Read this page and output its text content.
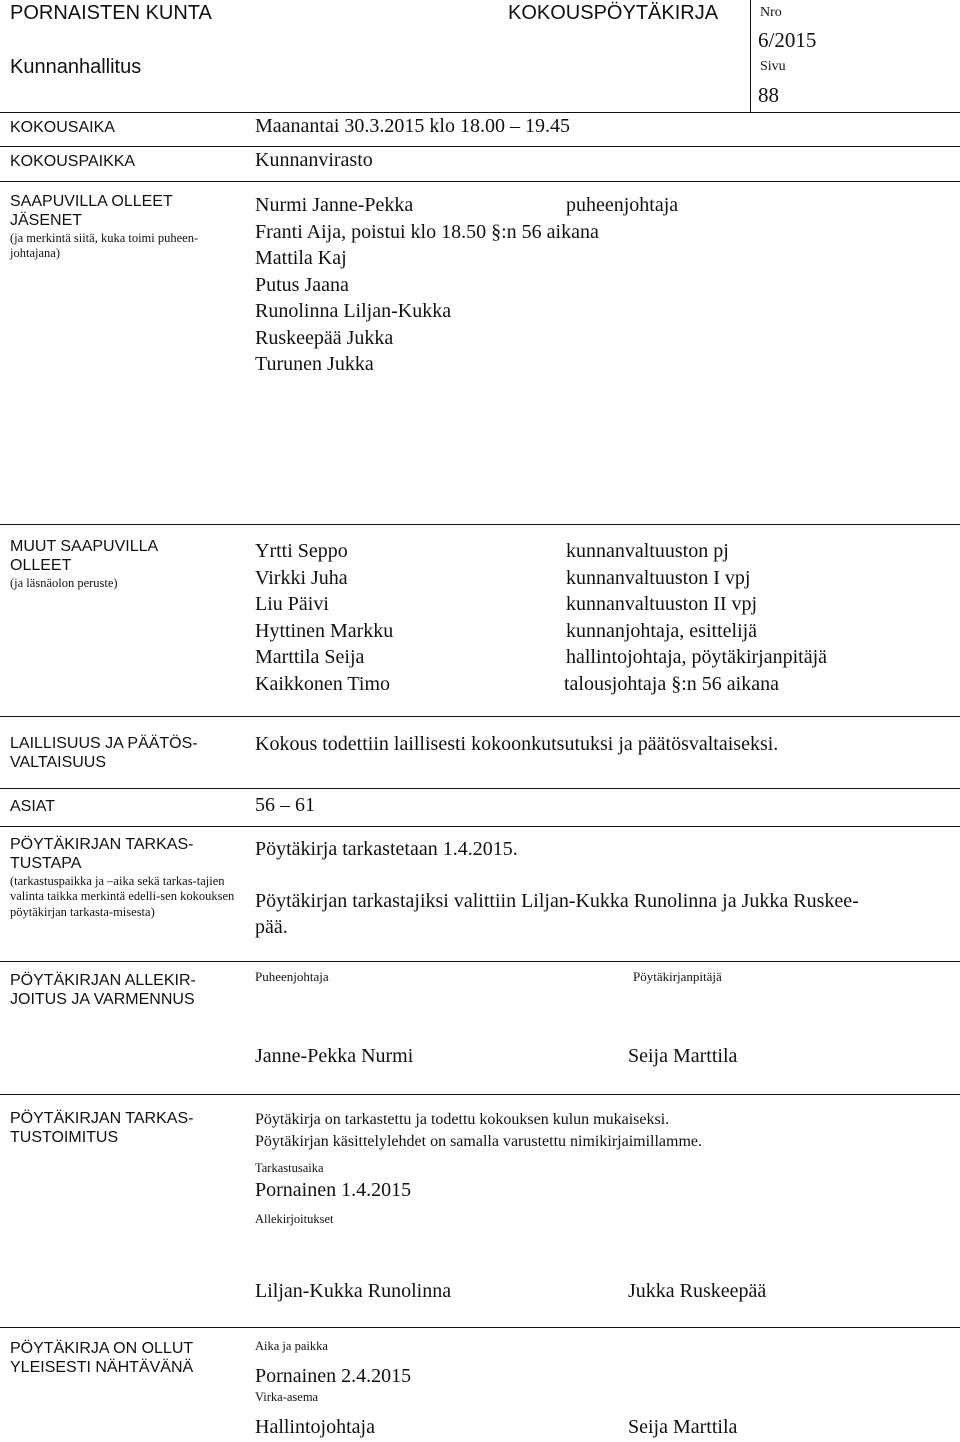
PORNAISTEN KUNTA
Kunnanhallitus
KOKOUSPÖYTÄKIRJA	Nro
6/2015
Sivu
88
KOKOUSAIKA	Maanantai 30.3.2015 klo 18.00 – 19.45
KOKOUSPAIKKA	Kunnanvirasto
SAAPUVILLA OLLEET JÄSENET
(ja merkintä siitä, kuka toimi puheen-johtajana)
Nurmi Janne-Pekka	puheenjohtaja
Franti Aija, poistui klo 18.50 §:n 56 aikana
Mattila Kaj
Putus Jaana
Runolinna Liljan-Kukka
Ruskeepää Jukka
Turunen Jukka
MUUT SAAPUVILLA OLLEET
(ja läsnäolon peruste)
Yrtti Seppo	kunnanvaltuuston pj
Virkki Juha	kunnanvaltuuston I vpj
Liu Päivi	kunnanvaltuuston II vpj
Hyttinen Markku	kunnanjohtaja, esittelijä
Marttila Seija	hallintojohtaja, pöytäkirjanpitäjä
Kaikkonen Timo	talousjohtaja §:n 56 aikana
LAILLISUUS JA PÄÄTÖS-
VALTAISUUS
Kokous todettiin laillisesti kokoonkutsutuksi ja päätösvaltaiseksi.
ASIAT	56 – 61
PÖYTÄKIRJAN TARKAS-
TUSTAPA
(tarkastuspaikka ja –aika sekä tarkas-tajien valinta taikka merkintä edelli-sen kokouksen pöytäkirjan tarkasta-misesta)
Pöytäkirja tarkastetaan 1.4.2015.
Pöytäkirjan tarkastajiksi valittiin Liljan-Kukka Runolinna ja Jukka Ruskee-
pää.
PÖYTÄKIRJAN ALLEKIR-
JOITUS JA VARMENNUS
Puheenjohtaja	Pöytäkirjanpitäjä
Janne-Pekka Nurmi	Seija Marttila
PÖYTÄKIRJAN TARKAS-
TUSTOIMITUS
Pöytäkirja on tarkastettu ja todettu kokouksen kulun mukaiseksi.
Pöytäkirjan käsittelylehdet on samalla varustettu nimikirjaimillamme.
Tarkastusaika
Pornainen 1.4.2015
Allekirjoitukset
Liljan-Kukka Runolinna	Jukka Ruskeepää
PÖYTÄKIRJA ON OLLUT
YLEISESTI NÄHTÄVÄNÄ
Aika ja paikka
Pornainen 2.4.2015
Virka-asema
Hallintojohtaja	Seija Marttila
